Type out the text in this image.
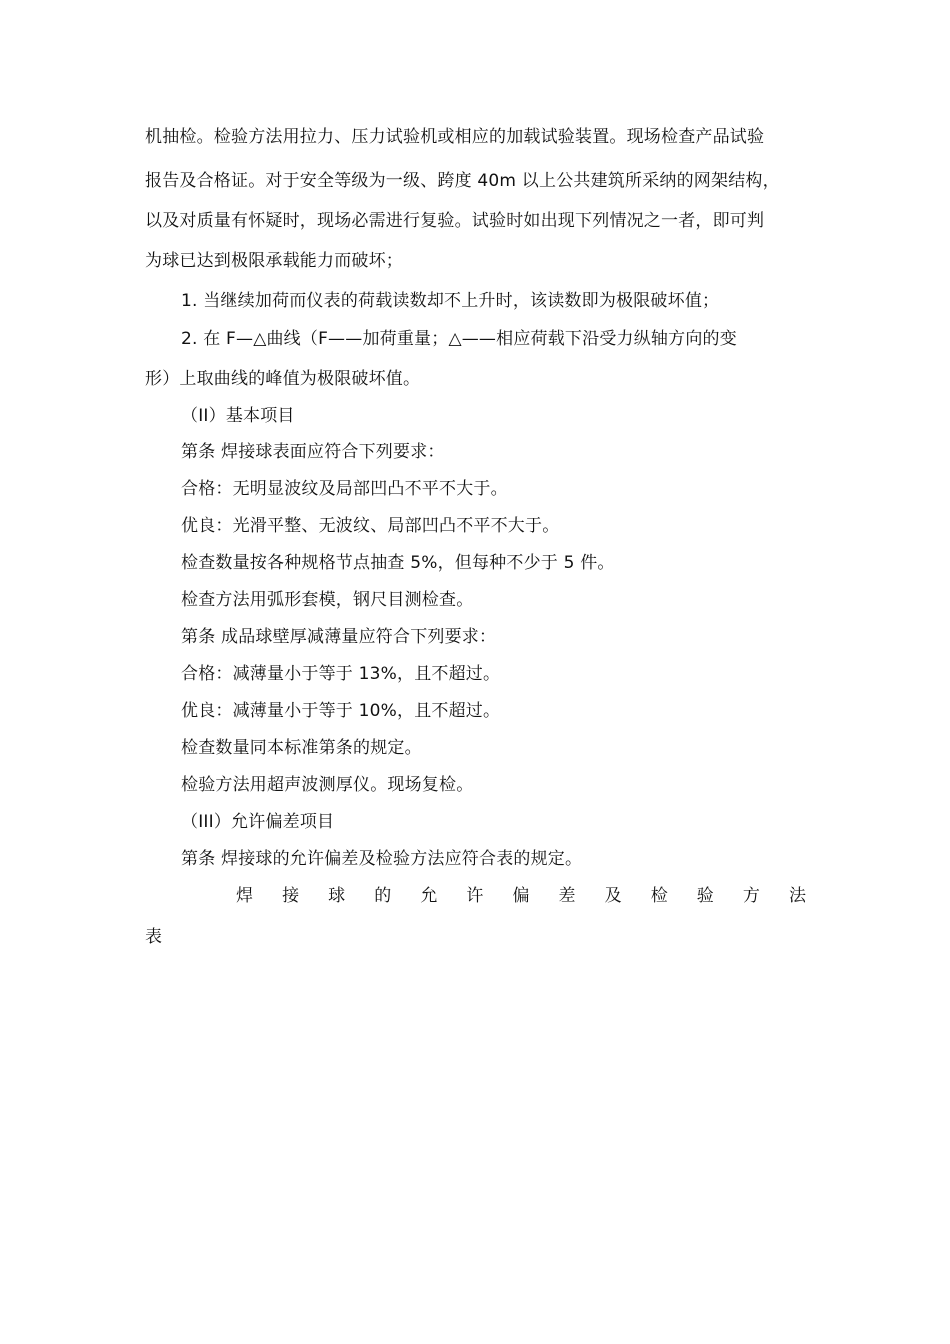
机抽检。检验方法用拉力、压力试验机或相应的加载试验装置。现场检查产品试验
报告及合格证。对于安全等级为一级、跨度 40m 以上公共建筑所采纳的网架结构，
以及对质量有怀疑时，现场必需进行复验。试验时如出现下列情况之一者，即可判
为球已达到极限承载能力而破坏；
1. 当继续加荷而仪表的荷载读数却不上升时，该读数即为极限破坏值；
2. 在 F—△曲线（F——加荷重量；△——相应荷载下沿受力纵轴方向的变
形）上取曲线的峰值为极限破坏值。
（II）基本项目
第条 焊接球表面应符合下列要求：
合格：无明显波纹及局部凹凸不平不大于。
优良：光滑平整、无波纹、局部凹凸不平不大于。
检查数量按各种规格节点抽查 5%，但每种不少于 5 件。
检查方法用弧形套模，钢尺目测检查。
第条 成品球壁厚减薄量应符合下列要求：
合格：减薄量小于等于 13%，且不超过。
优良：减薄量小于等于 10%，且不超过。
检查数量同本标准第条的规定。
检验方法用超声波测厚仪。现场复检。
（III）允许偏差项目
第条 焊接球的允许偏差及检验方法应符合表的规定。
焊 接 球 的 允 许 偏 差 及 检 验 方 法
表
